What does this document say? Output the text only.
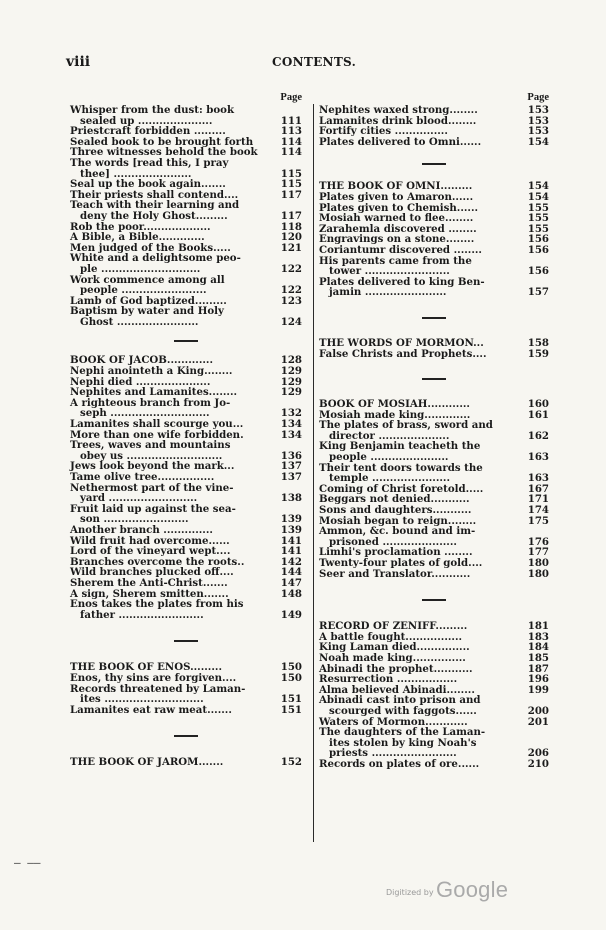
viii	CONTENTS.
Page
Whisper from the dust: book
sealed up .....................	111
Priestcraft forbidden .........	113
Sealed book to be brought forth	114
Three witnesses behold the book	114
The words [read this, I pray
thee] ......................	115
Seal up the book again.......	115
Their priests shall contend....	117
Teach with their learning and
deny the Holy Ghost.........	117
Rob the poor...................	118
A Bible, a Bible.............	120
Men judged of the Books.....	121
White and a delightsome peo-
ple ............................	122
Work commence among all
people ........................	122
Lamb of God baptized.........	123
Baptism by water and Holy
Ghost .......................	124
BOOK OF JACOB.............	128
Nephi anointeth a King........	129
Nephi died .....................	129
Nephites and Lamanites........	129
A righteous branch from Jo-
seph ............................	132
Lamanites shall scourge you...	134
More than one wife forbidden.	134
Trees, waves and mountains
obey us ...........................	136
Jews look beyond the mark...	137
Tame olive tree................	137
Nethermost part of the vine-
yard .........................	138
Fruit laid up against the sea-
son ........................	139
Another branch ..............	139
Wild fruit had overcome......	141
Lord of the vineyard wept....	141
Branches overcome the roots..	142
Wild branches plucked off....	144
Sherem the Anti-Christ.......	147
A sign, Sherem smitten.......	148
Enos takes the plates from his
father ........................	149
THE BOOK OF ENOS.........	150
Enos, thy sins are forgiven....	150
Records threatened by Laman-
ites ............................	151
Lamanites eat raw meat.......	151
THE BOOK OF JAROM.......	152
Page
Nephites waxed strong........	153
Lamanites drink blood........	153
Fortify cities ...............	153
Plates delivered to Omni......	154
THE BOOK OF OMNI.........	154
Plates given to Amaron......	154
Plates given to Chemish......	155
Mosiah warned to flee........	155
Zarahemla discovered ........	155
Engravings on a stone........	156
Coriantumr discovered ........	156
His parents came from the
tower ........................	156
Plates delivered to king Ben-
jamin .......................	157
THE WORDS OF MORMON...	158
False Christs and Prophets....	159
BOOK OF MOSIAH............	160
Mosiah made king.............	161
The plates of brass, sword and
director ....................	162
King Benjamin teacheth the
people ......................	163
Their tent doors towards the
temple ......................	163
Coming of Christ foretold.....	167
Beggars not denied...........	171
Sons and daughters...........	174
Mosiah began to reign........	175
Ammon, &c. bound and im-
prisoned .....................	176
Limhi's proclamation ........	177
Twenty-four plates of gold....	180
Seer and Translator...........	180
RECORD OF ZENIFF.........	181
A battle fought................	183
King Laman died...............	184
Noah made king...............	185
Abinadi the prophet...........	187
Resurrection .................	196
Alma believed Abinadi........	199
Abinadi cast into prison and
scourged with faggots......	200
Waters of Mormon............	201
The daughters of the Laman-
ites stolen by king Noah's
priests ........................	206
Records on plates of ore......	210
– ––
Digitized by Google
